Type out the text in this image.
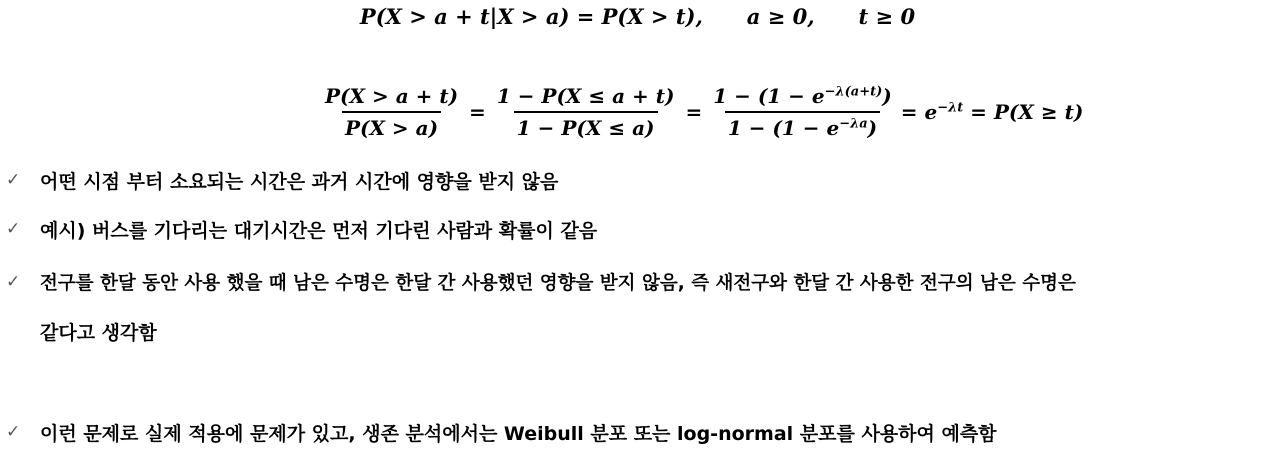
P(X > a + t|X > a) = P(X > t), a ≥ 0, t ≥ 0
$\frac{P(X > a + t)}{P(X > a)} = \frac{1 - P(X \le a + t)}{1 - P(X \le a)} = \frac{1 - (1 - e^{-\lambda(a+t)})}{1 - (1 - e^{-\lambda a})} = e^{-\lambda t} = P(X \ge t)$
✓	어떤 시점 부터 소요되는 시간은 과거 시간에 영향을 받지 않음
✓	예시) 버스를 기다리는 대기시간은 먼저 기다린 사람과 확률이 같음
✓	전구를 한달 동안 사용 했을 때 남은 수명은 한달 간 사용했던 영향을 받지 않음, 즉 새전구와 한달 간 사용한 전구의 남은 수명은
같다고 생각함
✓	이런 문제로 실제 적용에 문제가 있고, 생존 분석에서는 Weibull 분포 또는 log-normal 분포를 사용하여 예측함
